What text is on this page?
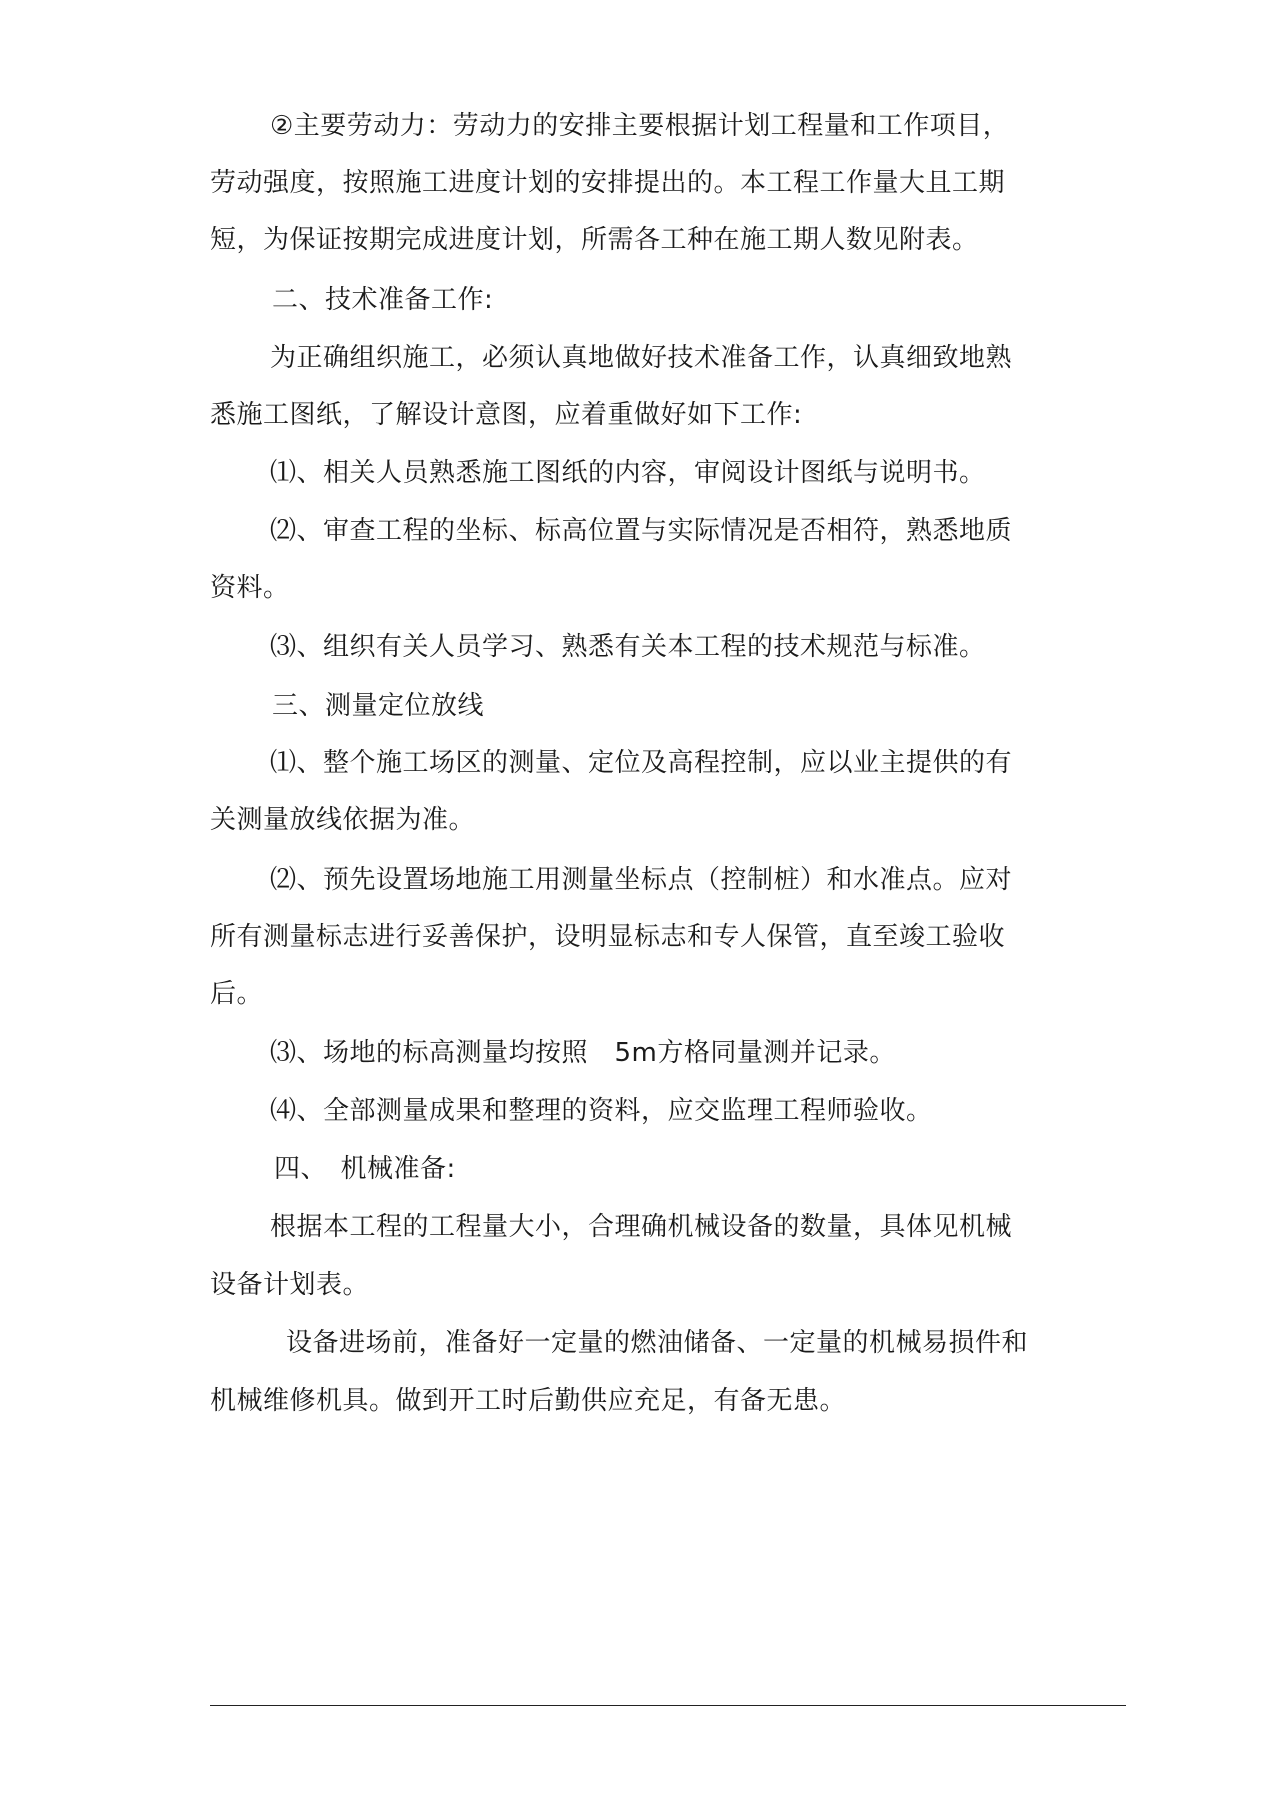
②主要劳动力：劳动力的安排主要根据计划工程量和工作项目，
劳动强度，按照施工进度计划的安排提出的。本工程工作量大且工期
短，为保证按期完成进度计划，所需各工种在施工期人数见附表。
二、技术准备工作:
为正确组织施工，必须认真地做好技术准备工作，认真细致地熟
悉施工图纸，了解设计意图，应着重做好如下工作:
⑴、相关人员熟悉施工图纸的内容，审阅设计图纸与说明书。
⑵、审查工程的坐标、标高位置与实际情况是否相符，熟悉地质
资料。
⑶、组织有关人员学习、熟悉有关本工程的技术规范与标准。
三、测量定位放线
⑴、整个施工场区的测量、定位及高程控制，应以业主提供的有
关测量放线依据为准。
⑵、预先设置场地施工用测量坐标点（控制桩）和水准点。应对
所有测量标志进行妥善保护，设明显标志和专人保管，直至竣工验收
后。
⑶、场地的标高测量均按照　5m方格同量测并记录。
⑷、全部测量成果和整理的资料，应交监理工程师验收。
四、　机械准备:
根据本工程的工程量大小，合理确机械设备的数量，具体见机械
设备计划表。
设备进场前，准备好一定量的燃油储备、一定量的机械易损件和
机械维修机具。做到开工时后勤供应充足，有备无患。
